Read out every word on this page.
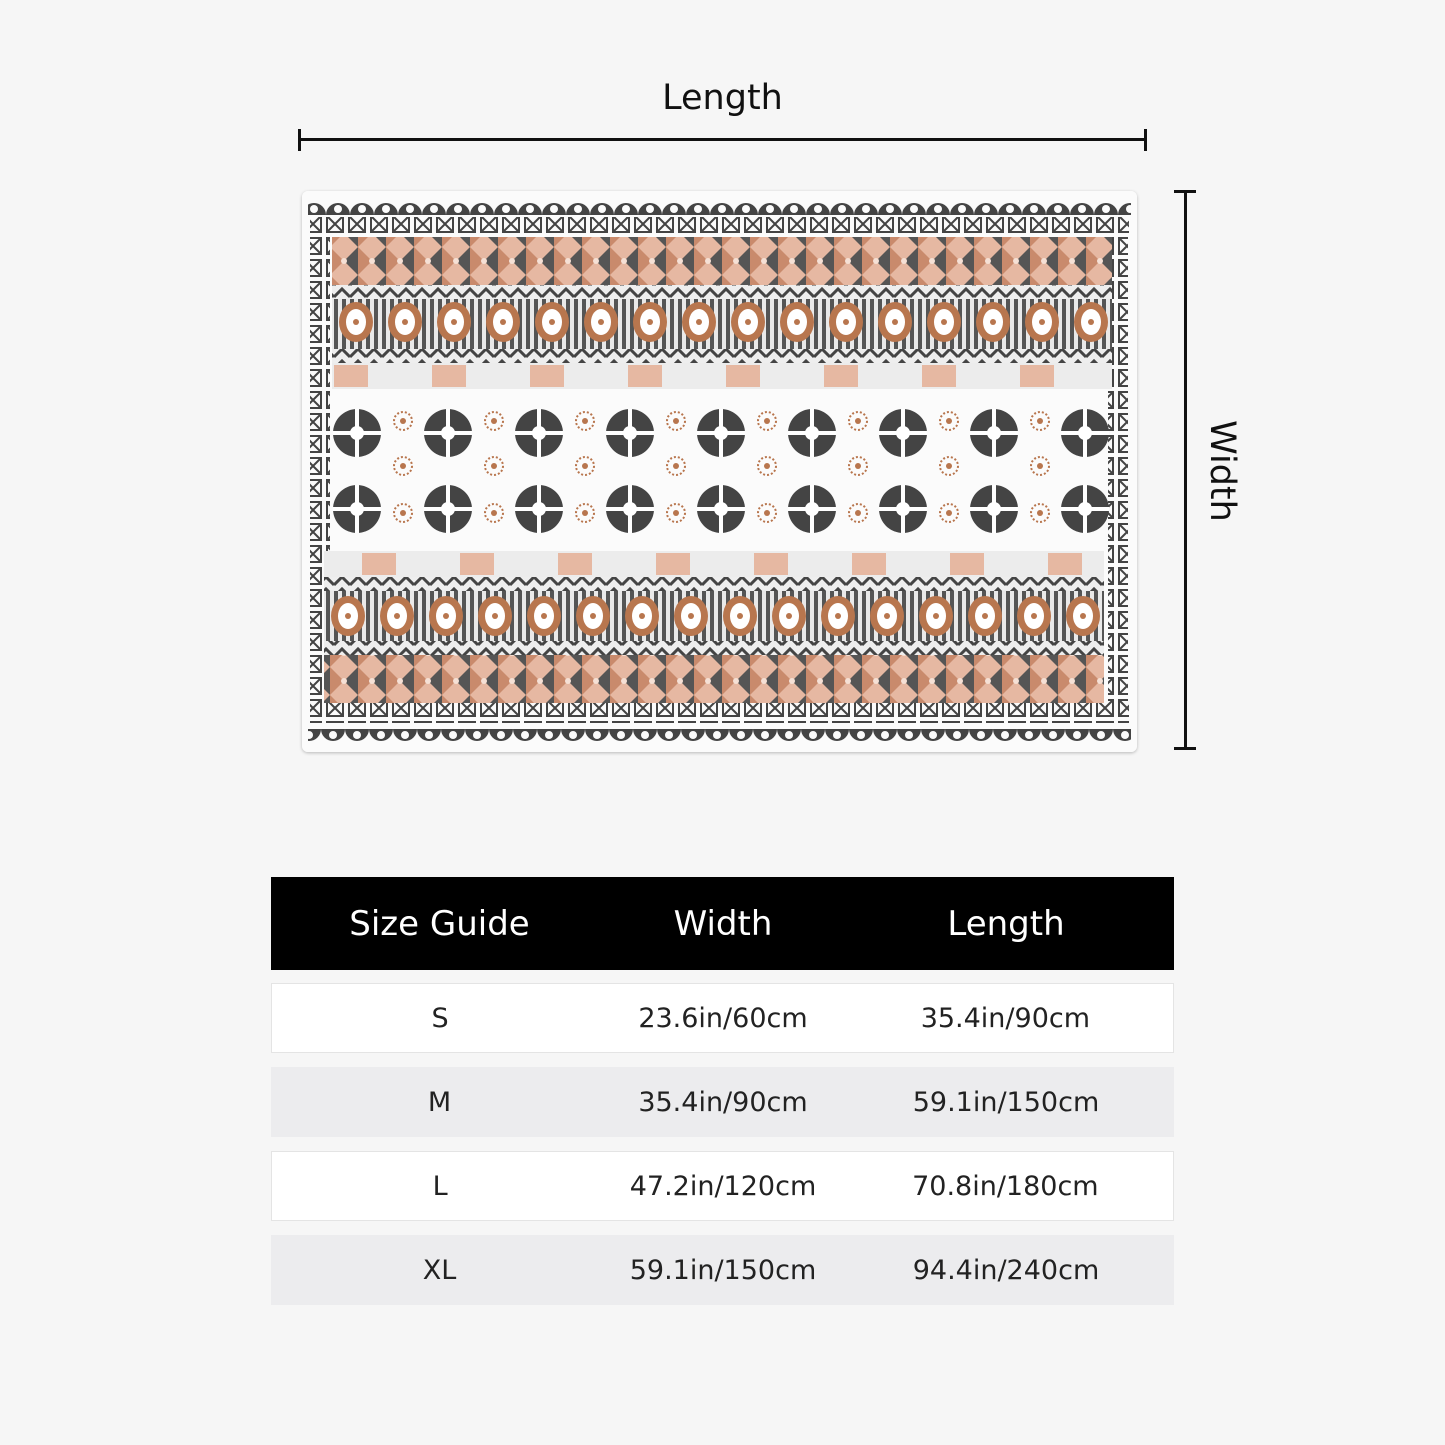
Length
Width
Size Guide	Width	Length
S	23.6in/60cm	35.4in/90cm
M	35.4in/90cm	59.1in/150cm
L	47.2in/120cm	70.8in/180cm
XL	59.1in/150cm	94.4in/240cm
